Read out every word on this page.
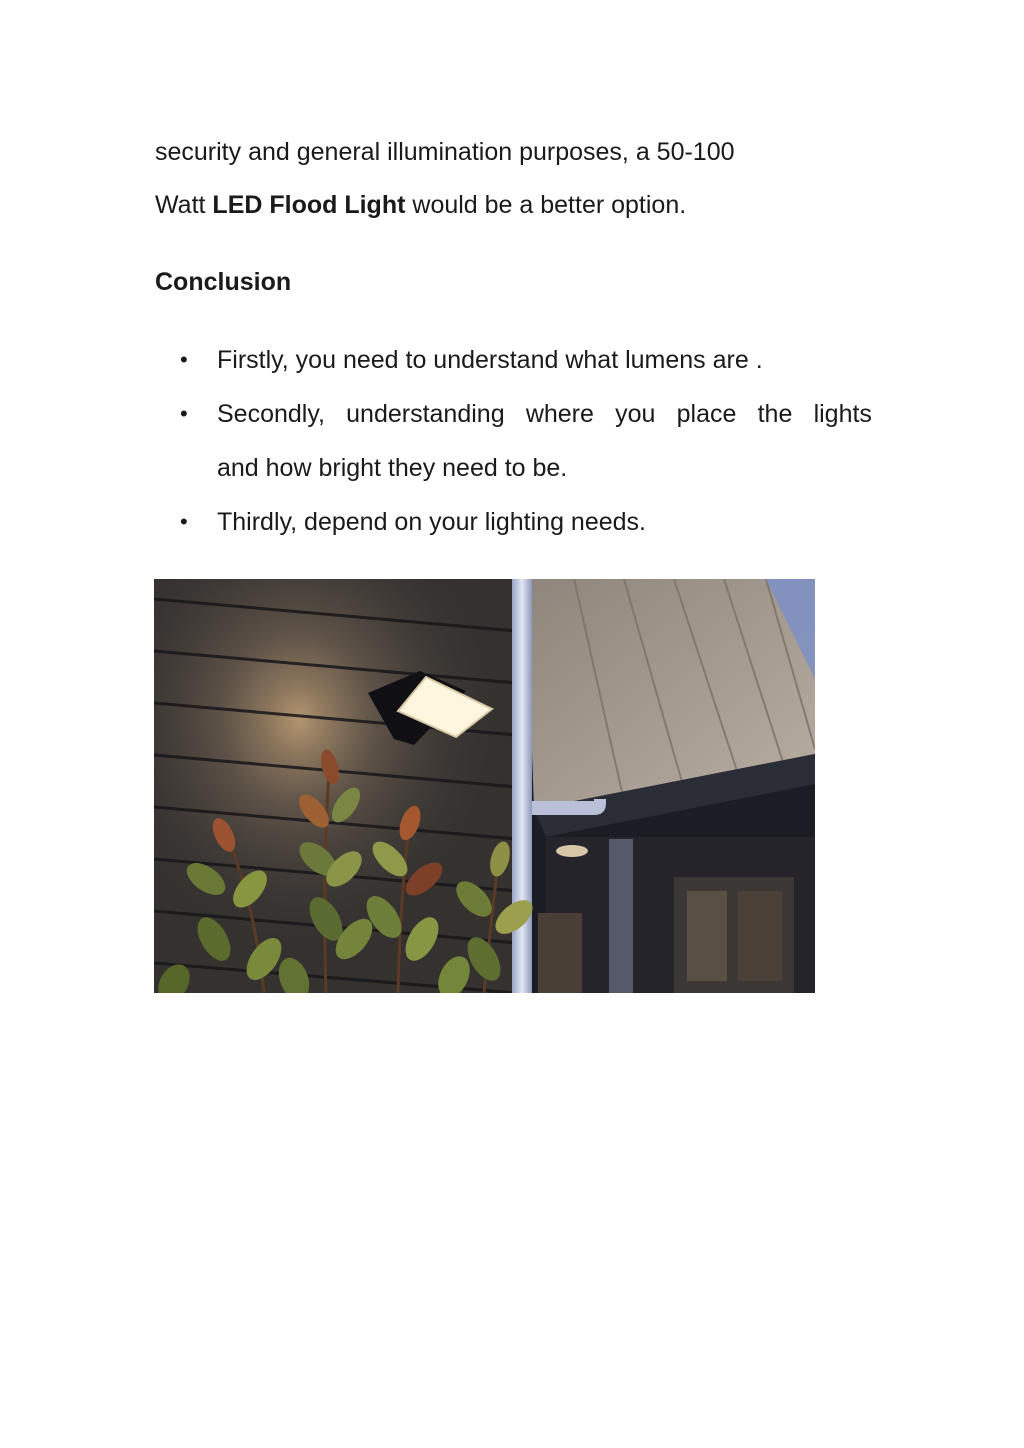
security and general illumination purposes, a 50-100
Watt LED Flood Light would be a better option.
Conclusion
• Firstly, you need to understand what lumens are .
• Secondly, understanding where you place the lights
and how bright they need to be.
• Thirdly, depend on your lighting needs.
